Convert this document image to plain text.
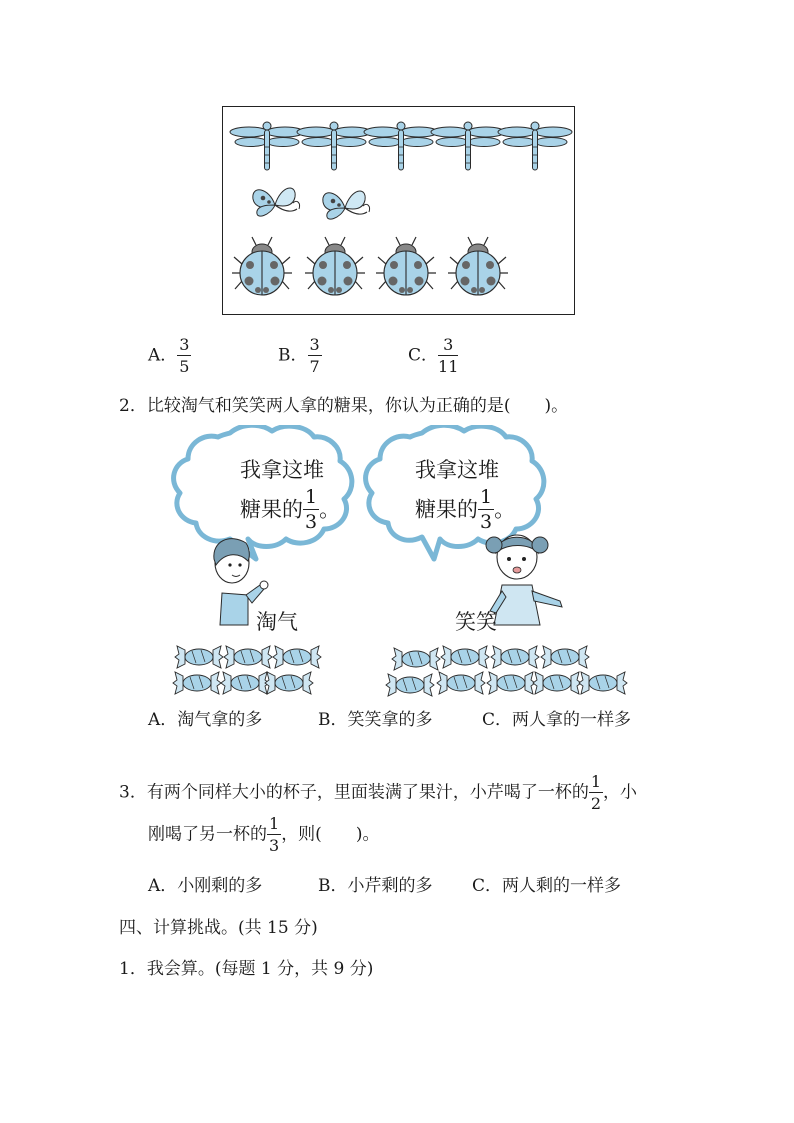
A． $\frac{3}{5}$	B． $\frac{3}{7}$	C． $\frac{3}{11}$
2．比较淘气和笑笑两人拿的糖果，你认为正确的是(　　)。
我拿这堆
糖果的 $\frac{1}{3}$ 。
我拿这堆
糖果的 $\frac{1}{3}$ 。
淘气	笑笑
A．淘气拿的多	B．笑笑拿的多	C．两人拿的一样多
3．有两个同样大小的杯子，里面装满了果汁，小芹喝了一杯的 $\frac{1}{2}$ ，小
刚喝了另一杯的 $\frac{1}{3}$ ，则(　　)。
A．小刚剩的多	B．小芹剩的多 C．两人剩的一样多
四、计算挑战。(共 15 分)
1．我会算。(每题 1 分，共 9 分)
